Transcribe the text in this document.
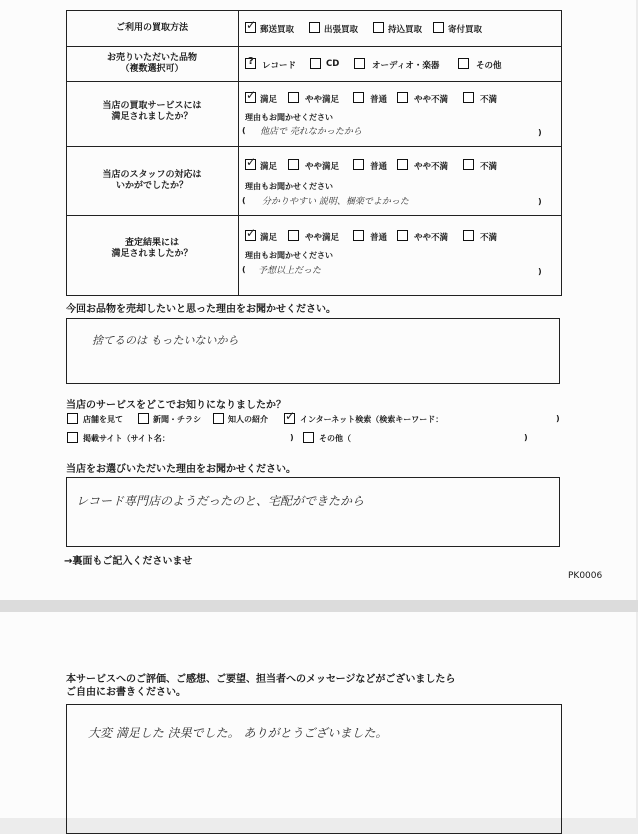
ご利用の買取方法	✓ 郵送買取	出張買取	持込買取	寄付買取
お売りいただいた品物
（複数選択可）
? レコード	CD	オーディオ・楽器	その他
当店の買取サービスには
満足されましたか？
✓ 満足	やや満足	普通	やや不満	不満
理由もお聞かせください
( 他店で 売れなかったから	)
当店のスタッフの対応は
いかがでしたか？
✓ 満足	やや満足	普通	やや不満	不満
理由もお聞かせください
( 分かりやすい 説明、梱楽でよかった	)
査定結果には
満足されましたか？
✓ 満足	やや満足	普通	やや不満	不満
理由もお聞かせください
( 予想以上だった	)
今回お品物を売却したいと思った理由をお聞かせください。
捨てるのは もったいないから
当店のサービスをどこでお知りになりましたか？
店舗を見て	新聞・チラシ	知人の紹介 ✓ インターネット検索（検索キーワード：	)
掲載サイト（サイト名：	)	その他（	)
当店をお選びいただいた理由をお聞かせください。
レコード専門店のようだったのと、宅配ができたから
→裏面もご記入くださいませ
PK0006
本サービスへのご評価、ご感想、ご要望、担当者へのメッセージなどがございましたら
ご自由にお書きください。
大変 満足した 決果でした。 ありがとうございました。
